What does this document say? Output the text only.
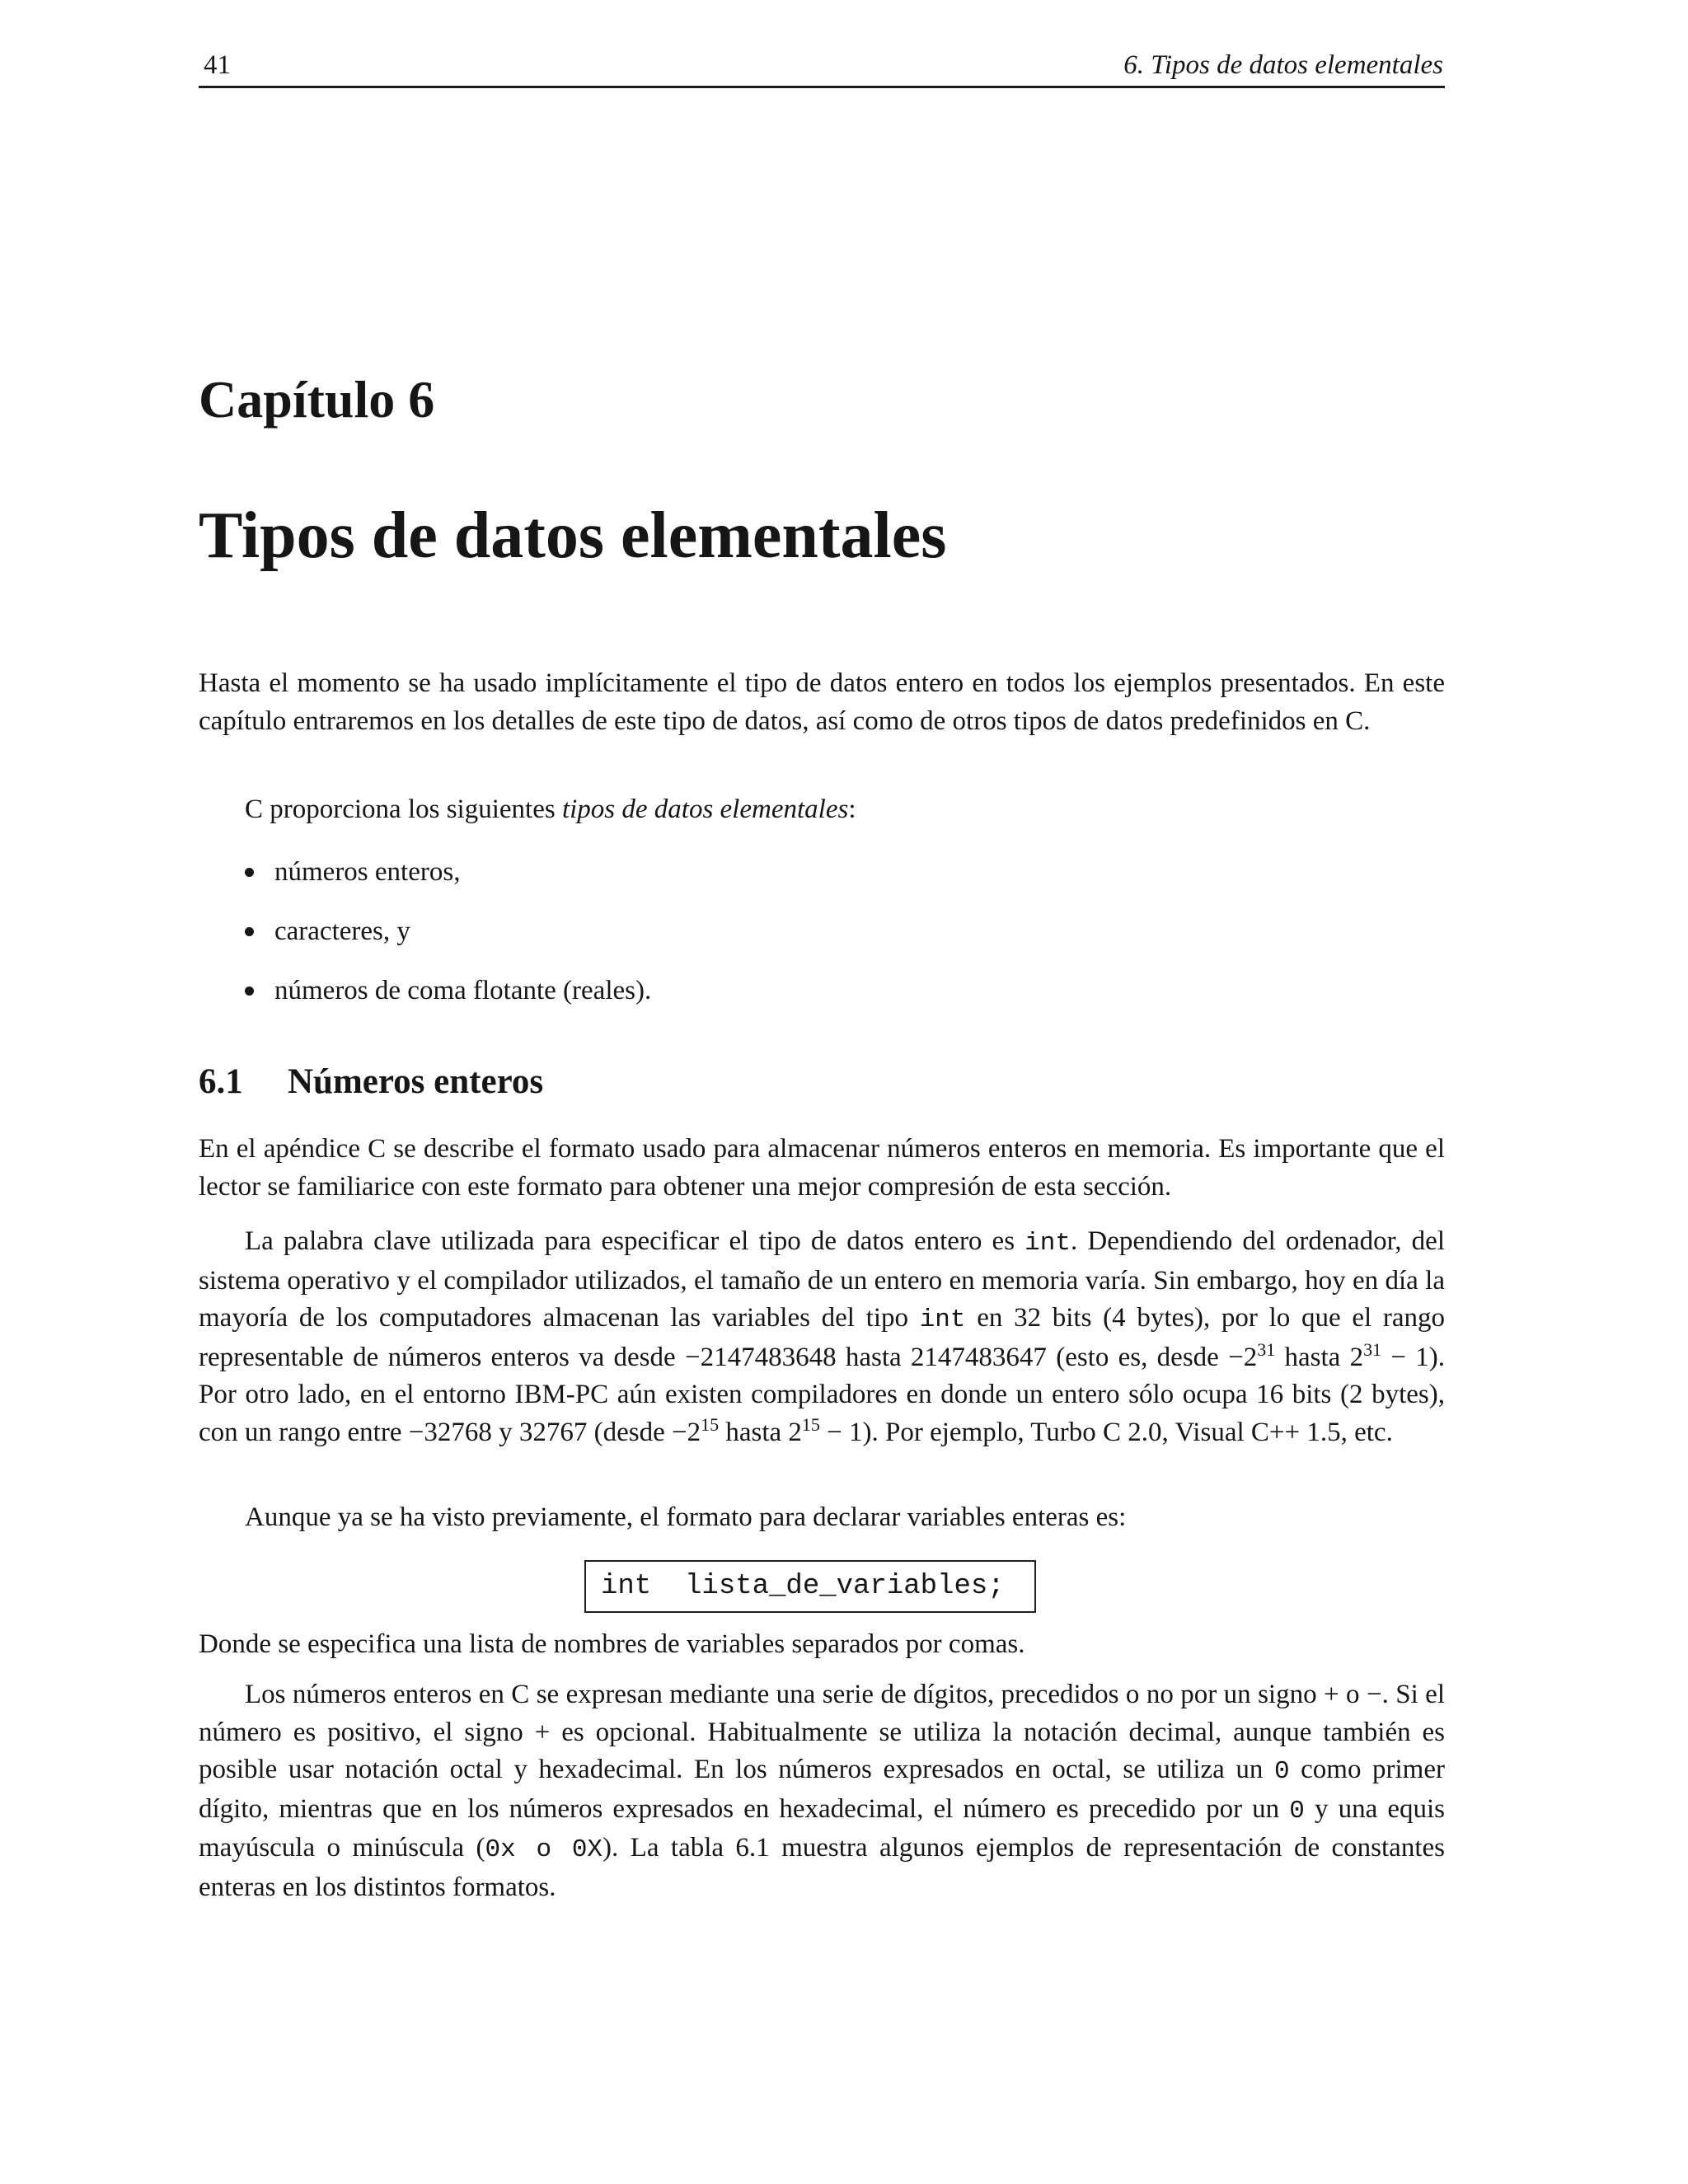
41	6. Tipos de datos elementales
Capítulo 6
Tipos de datos elementales

Hasta el momento se ha usado implícitamente el tipo de datos entero en todos los ejemplos presentados. En este capítulo entraremos en los detalles de este tipo de datos, así como de otros tipos de datos predefinidos en C.

C proporciona los siguientes tipos de datos elementales:

números enteros,
caracteres, y
números de coma flotante (reales).
6.1 Números enteros

En el apéndice C se describe el formato usado para almacenar números enteros en memoria. Es importante que el lector se familiarice con este formato para obtener una mejor compresión de esta sección.

La palabra clave utilizada para especificar el tipo de datos entero es int. Dependiendo del ordenador, del sistema operativo y el compilador utilizados, el tamaño de un entero en memoria varía. Sin embargo, hoy en día la mayoría de los computadores almacenan las variables del tipo int en 32 bits (4 bytes), por lo que el rango representable de números enteros va desde −2147483648 hasta 2147483647 (esto es, desde $-2^{31}$ hasta $2^{31} - 1$). Por otro lado, en el entorno IBM-PC aún existen compiladores en donde un entero sólo ocupa 16 bits (2 bytes), con un rango entre −32768 y 32767 (desde $-2^{15}$ hasta $2^{15} - 1$). Por ejemplo, Turbo C 2.0, Visual C++ 1.5, etc.

Aunque ya se ha visto previamente, el formato para declarar variables enteras es:

int  lista_de_variables;

Donde se especifica una lista de nombres de variables separados por comas.

Los números enteros en C se expresan mediante una serie de dígitos, precedidos o no por un signo + o −. Si el número es positivo, el signo + es opcional. Habitualmente se utiliza la notación decimal, aunque también es posible usar notación octal y hexadecimal. En los números expresados en octal, se utiliza un 0 como primer dígito, mientras que en los números expresados en hexadecimal, el número es precedido por un 0 y una equis mayúscula o minúscula (0x o 0X). La tabla 6.1 muestra algunos ejemplos de representación de constantes enteras en los distintos formatos.
